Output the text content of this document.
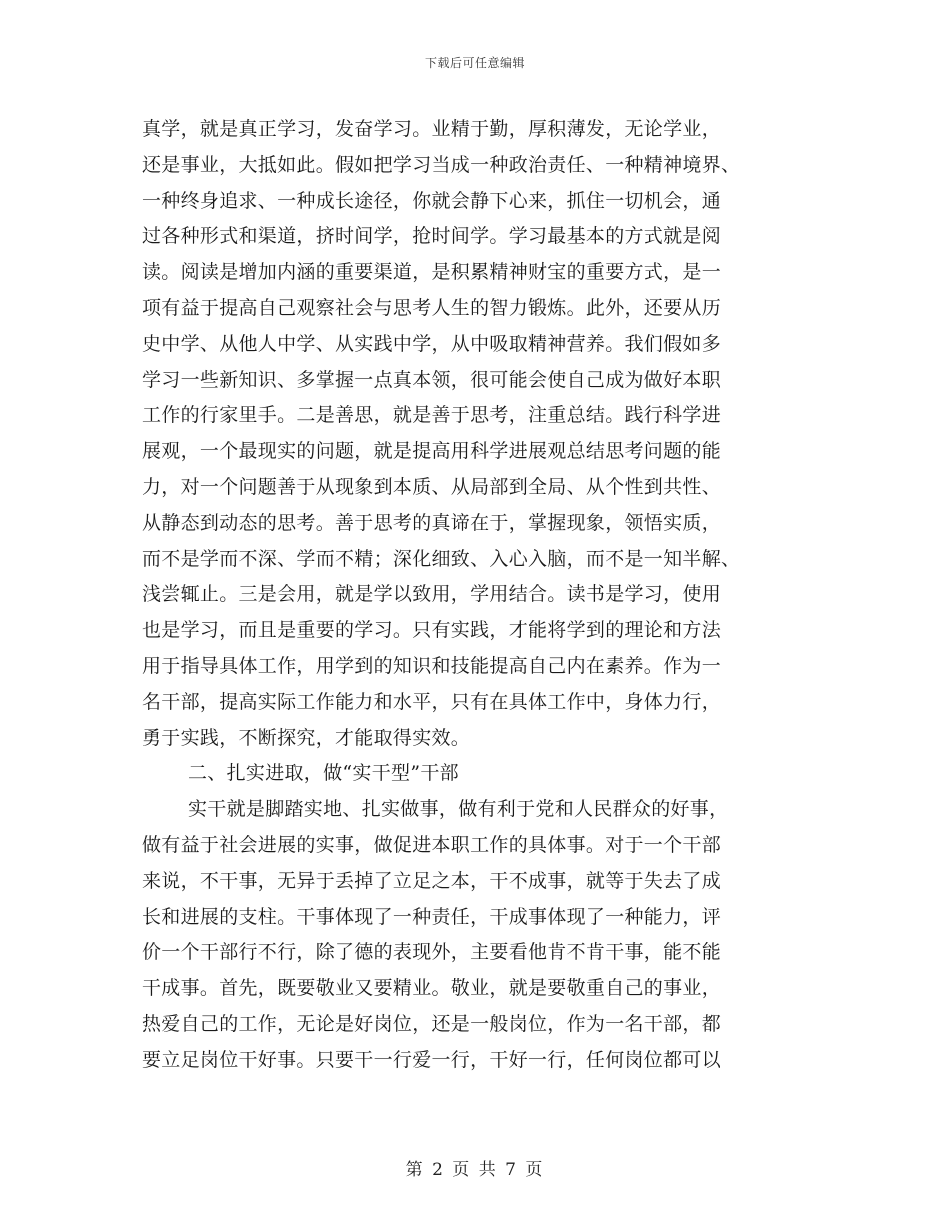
下载后可任意编辑
真学，就是真正学习，发奋学习。业精于勤，厚积薄发，无论学业，
还是事业，大抵如此。假如把学习当成一种政治责任、一种精神境界、
一种终身追求、一种成长途径，你就会静下心来，抓住一切机会，通
过各种形式和渠道，挤时间学，抢时间学。学习最基本的方式就是阅
读。阅读是增加内涵的重要渠道，是积累精神财宝的重要方式，是一
项有益于提高自己观察社会与思考人生的智力锻炼。此外，还要从历
史中学、从他人中学、从实践中学，从中吸取精神营养。我们假如多
学习一些新知识、多掌握一点真本领，很可能会使自己成为做好本职
工作的行家里手。二是善思，就是善于思考，注重总结。践行科学进
展观，一个最现实的问题，就是提高用科学进展观总结思考问题的能
力，对一个问题善于从现象到本质、从局部到全局、从个性到共性、
从静态到动态的思考。善于思考的真谛在于，掌握现象，领悟实质，
而不是学而不深、学而不精；深化细致、入心入脑，而不是一知半解、
浅尝辄止。三是会用，就是学以致用，学用结合。读书是学习，使用
也是学习，而且是重要的学习。只有实践，才能将学到的理论和方法
用于指导具体工作，用学到的知识和技能提高自己内在素养。作为一
名干部，提高实际工作能力和水平，只有在具体工作中，身体力行，
勇于实践，不断探究，才能取得实效。
二、扎实进取，做“实干型”干部
实干就是脚踏实地、扎实做事，做有利于党和人民群众的好事，
做有益于社会进展的实事，做促进本职工作的具体事。对于一个干部
来说，不干事，无异于丢掉了立足之本，干不成事，就等于失去了成
长和进展的支柱。干事体现了一种责任，干成事体现了一种能力，评
价一个干部行不行，除了德的表现外，主要看他肯不肯干事，能不能
干成事。首先，既要敬业又要精业。敬业，就是要敬重自己的事业，
热爱自己的工作，无论是好岗位，还是一般岗位，作为一名干部，都
要立足岗位干好事。只要干一行爱一行，干好一行，任何岗位都可以
第 2 页 共 7 页
